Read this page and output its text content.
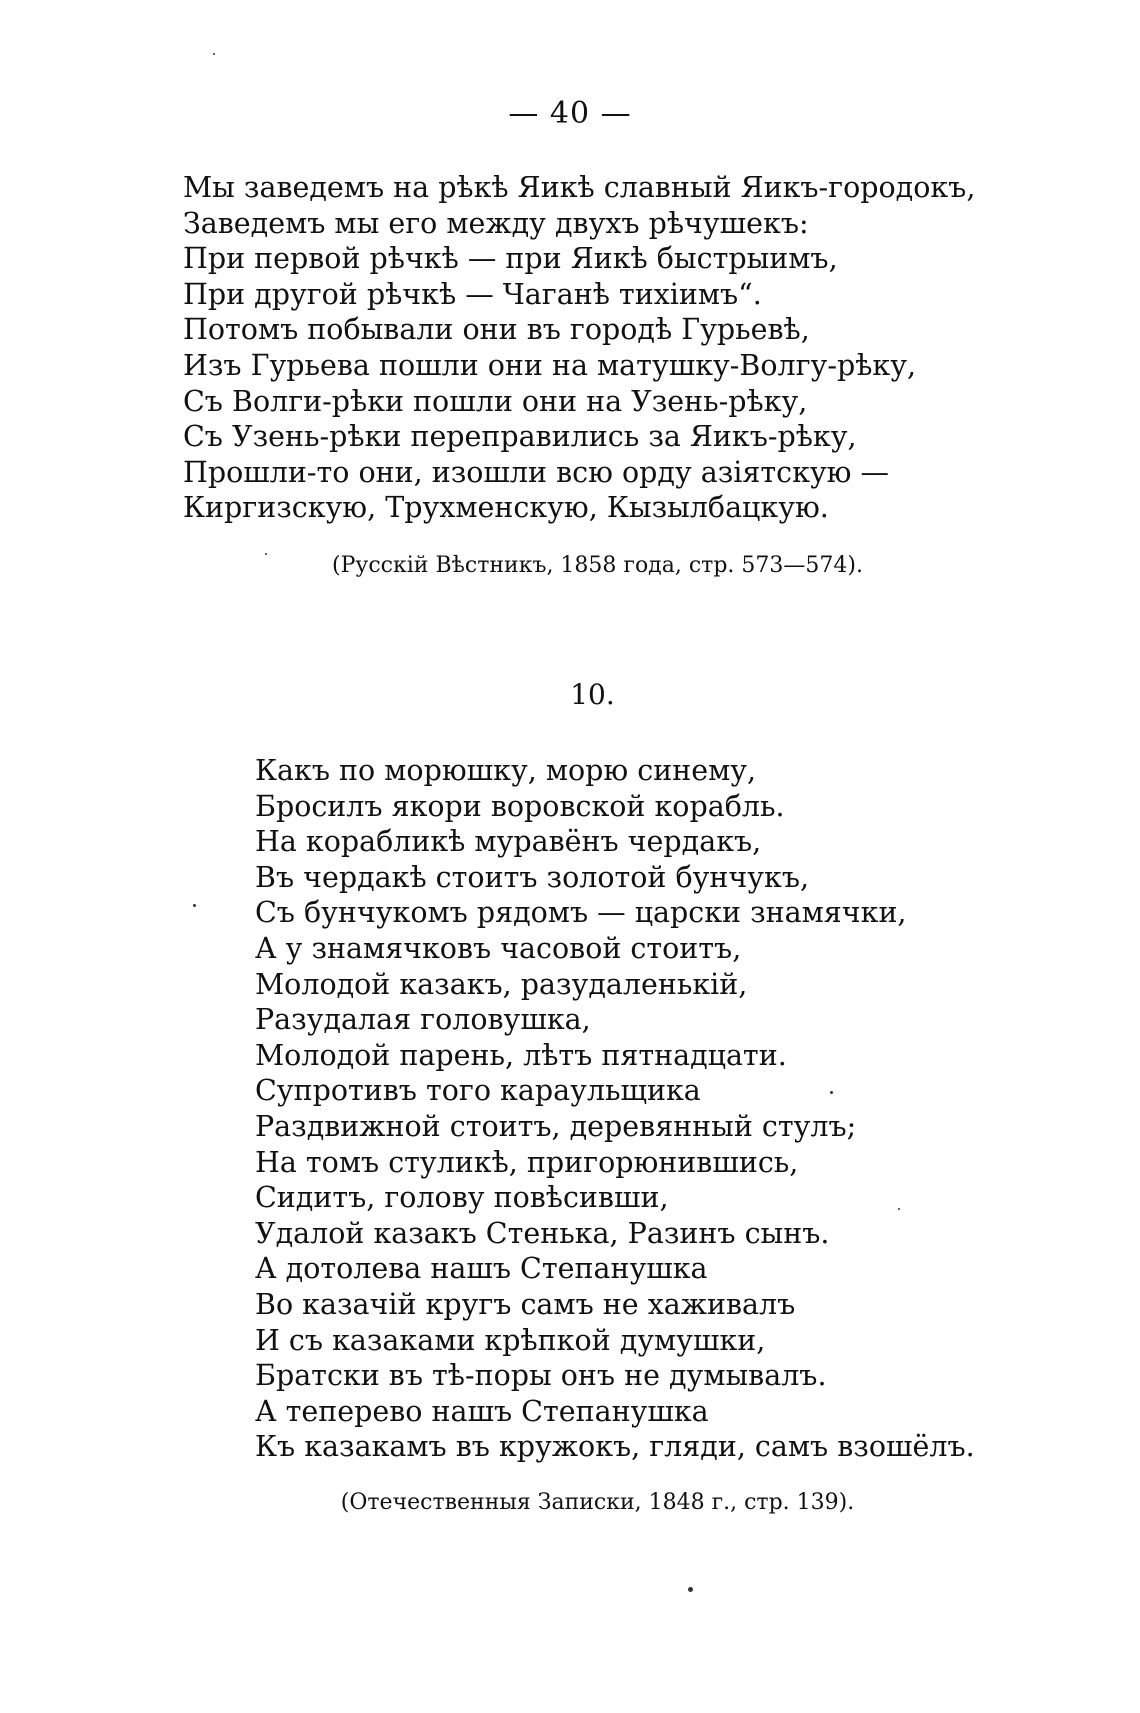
— 40 —
Мы заведемъ на рѣкѣ Яикѣ славный Яикъ-городокъ,
Заведемъ мы его между двухъ рѣчушекъ:
При первой рѣчкѣ — при Яикѣ быстрыимъ,
При другой рѣчкѣ — Чаганѣ тихіимъ“.
Потомъ побывали они въ городѣ Гурьевѣ,
Изъ Гурьева пошли они на матушку-Волгу-рѣку,
Съ Волги-рѣки пошли они на Узень-рѣку,
Съ Узень-рѣки переправились за Яикъ-рѣку,
Прошли-то они, изошли всю орду азіятскую —
Киргизскую, Трухменскую, Кызылбацкую.
(Русскій Вѣстникъ, 1858 года, стр. 573—574).
10.
Какъ по морюшку, морю синему,
Бросилъ якори воровской корабль.
На корабликѣ муравёнъ чердакъ,
Въ чердакѣ стоитъ золотой бунчукъ,
Съ бунчукомъ рядомъ — царски знамячки,
А у знамячковъ часовой стоитъ,
Молодой казакъ, разудаленькій,
Разудалая головушка,
Молодой парень, лѣтъ пятнадцати.
Супротивъ того караульщика
Раздвижной стоитъ, деревянный стулъ;
На томъ стуликѣ, пригорюнившись,
Сидитъ, голову повѣсивши,
Удалой казакъ Стенька, Разинъ сынъ.
А дотолева нашъ Степанушка
Во казачій кругъ самъ не хаживалъ
И съ казаками крѣпкой думушки,
Братски въ тѣ-поры онъ не думывалъ.
А теперево нашъ Степанушка
Къ казакамъ въ кружокъ, гляди, самъ взошёлъ.
(Отечественныя Записки, 1848 г., стр. 139).
